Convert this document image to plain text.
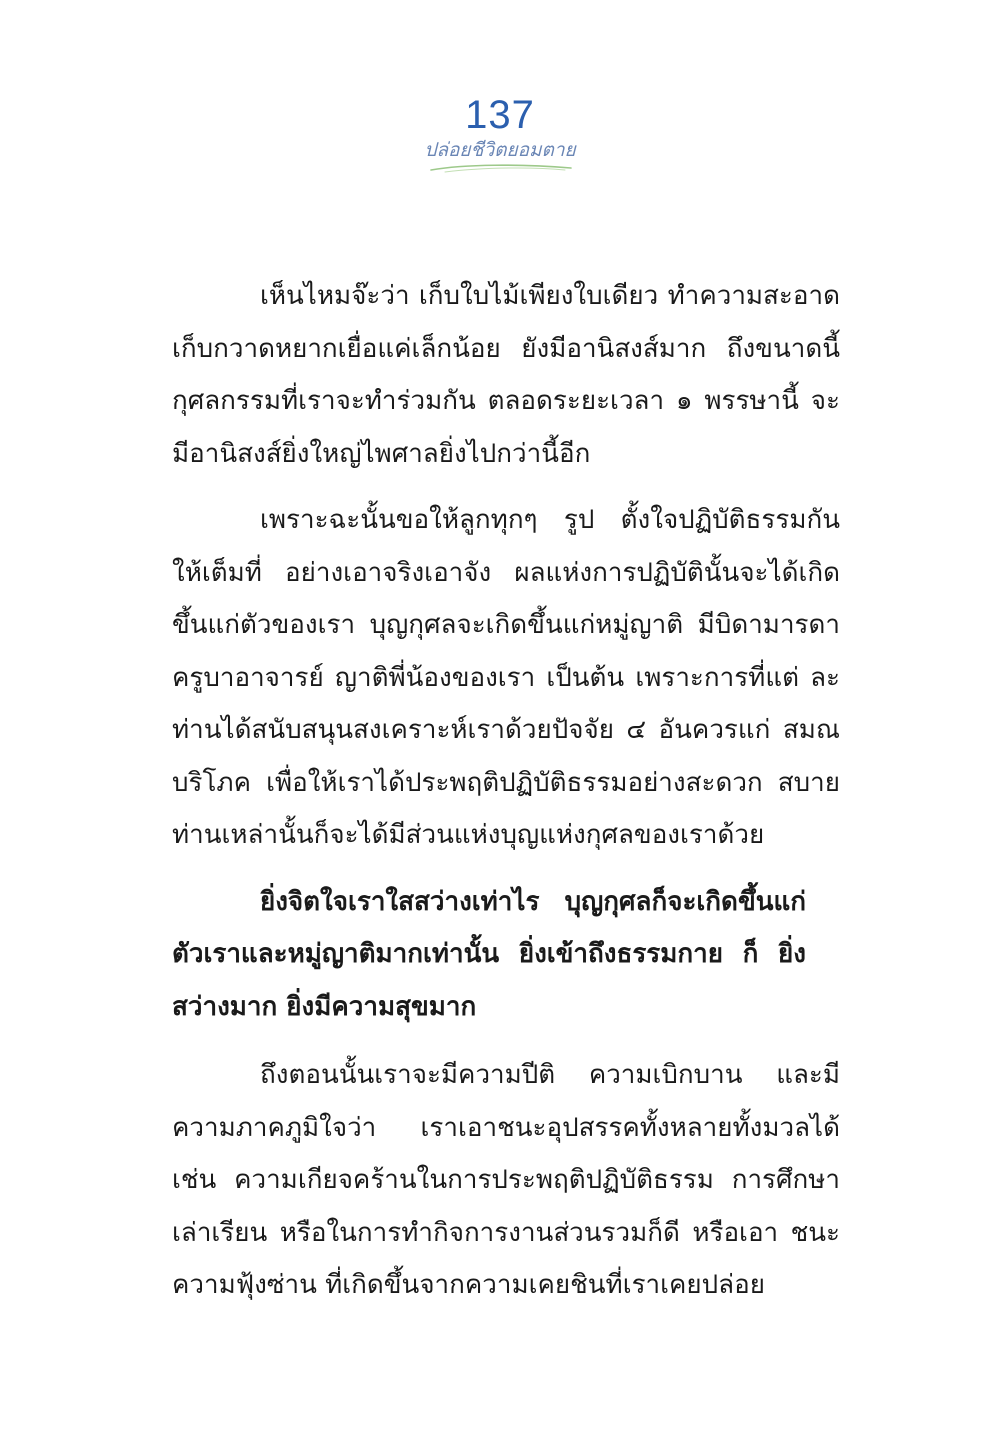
137
ปล่อยชีวิตยอมตาย

เห็นไหมจ๊ะว่า เก็บใบไม้เพียงใบเดียว ทำความสะอาด เก็บกวาดหยากเยื่อแค่เล็กน้อย ยังมีอานิสงส์มาก ถึงขนาดนี้ กุศลกรรมที่เราจะทำร่วมกัน ตลอดระยะเวลา ๑ พรรษานี้ จะมีอานิสงส์ยิ่งใหญ่ไพศาลยิ่งไปกว่านี้อีก

เพราะฉะนั้นขอให้ลูกทุกๆ รูป ตั้งใจปฏิบัติธรรมกัน ให้เต็มที่ อย่างเอาจริงเอาจัง ผลแห่งการปฏิบัตินั้นจะได้เกิด ขึ้นแก่ตัวของเรา บุญกุศลจะเกิดขึ้นแก่หมู่ญาติ มีบิดามารดา ครูบาอาจารย์ ญาติพี่น้องของเรา เป็นต้น เพราะการที่แต่ ละท่านได้สนับสนุนสงเคราะห์เราด้วยปัจจัย ๔ อันควรแก่ สมณบริโภค เพื่อให้เราได้ประพฤติปฏิบัติธรรมอย่างสะดวก สบาย ท่านเหล่านั้นก็จะได้มีส่วนแห่งบุญแห่งกุศลของเราด้วย

ยิ่งจิตใจเราใสสว่างเท่าไร บุญกุศลก็จะเกิดขึ้นแก่ ตัวเราและหมู่ญาติมากเท่านั้น ยิ่งเข้าถึงธรรมกาย ก็ ยิ่งสว่างมาก ยิ่งมีความสุขมาก

ถึงตอนนั้นเราจะมีความปีติ ความเบิกบาน และมี ความภาคภูมิใจว่า เราเอาชนะอุปสรรคทั้งหลายทั้งมวลได้ เช่น ความเกียจคร้านในการประพฤติปฏิบัติธรรม การศึกษา เล่าเรียน หรือในการทำกิจการงานส่วนรวมก็ดี หรือเอา ชนะความฟุ้งซ่าน ที่เกิดขึ้นจากความเคยชินที่เราเคยปล่อย
